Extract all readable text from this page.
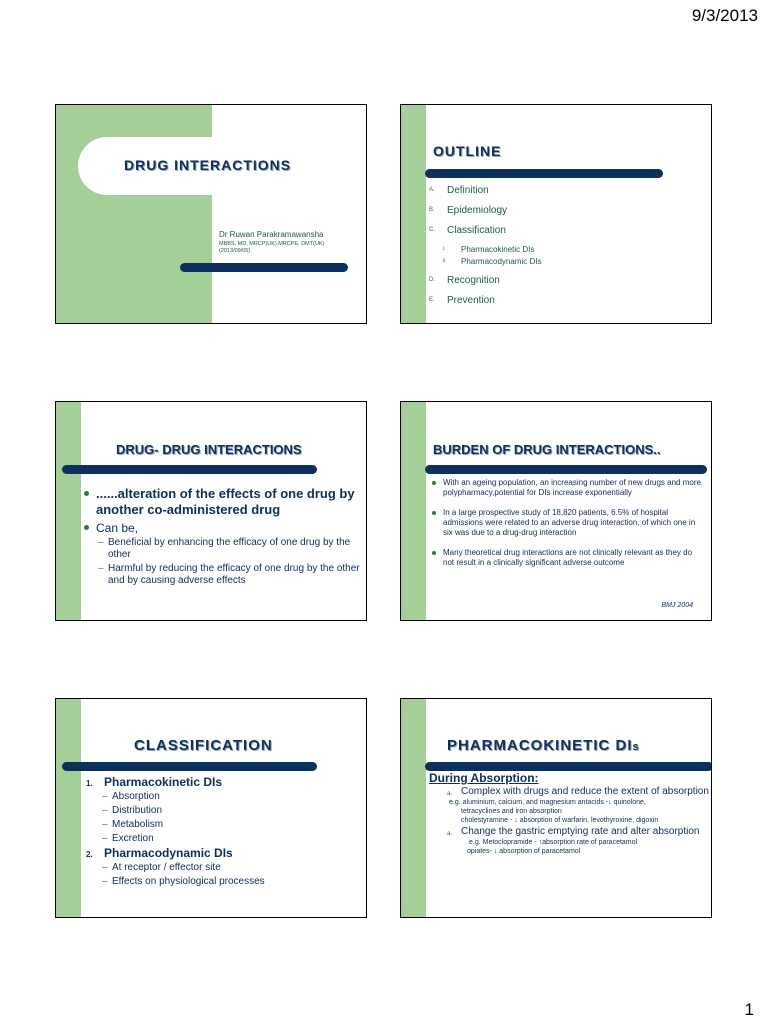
9/3/2013
DRUG INTERACTIONS
Dr Ruwan Parakramawansha
MBBS, MD, MRCP(UK),MRCPE, DMT(UK)
(2013/09/05)
OUTLINE
A. Definition
B. Epidemiology
C. Classification
i. Pharmacokinetic DIs
ii. Pharmacodynamic DIs
D. Recognition
E. Prevention
DRUG- DRUG INTERACTIONS
......alteration of the effects of one drug by another co-administered drug
Can be,
– Beneficial by enhancing the efficacy of one drug by the other
– Harmful by reducing the efficacy of one drug by the other and by causing adverse effects
BURDEN OF DRUG INTERACTIONS..
With an ageing population, an increasing number of new drugs and more polypharmacy,potential for DIs increase exponentially
In a large prospective study of 18,820 patients, 6.5% of hospital admissions were related to an adverse drug interaction, of which one in six was due to a drug-drug interaction
Many theoretical drug interactions are not clinically relevant as they do not result in a clinically significant adverse outcome
BMJ 2004
CLASSIFICATION
1. Pharmacokinetic DIs
– Absorption
– Distribution
– Metabolism
– Excretion
2. Pharmacodynamic DIs
– At receptor / effector site
– Effects on physiological processes
PHARMACOKINETIC DIs
During Absorption:
a. Complex with drugs and reduce the extent of absorption
e.g. aluminium, calcium, and magnesium antacids -↓ quinolone,
tetracyclines and iron absorption
cholestyramine - ↓ absorption of warfarin, levothyroxine, digoxin
a. Change the gastric emptying rate and alter absorption
e.g. Metoclopramide - ↑absorption rate of paracetamol
opiates- ↓ absorption of paracetamol
1
